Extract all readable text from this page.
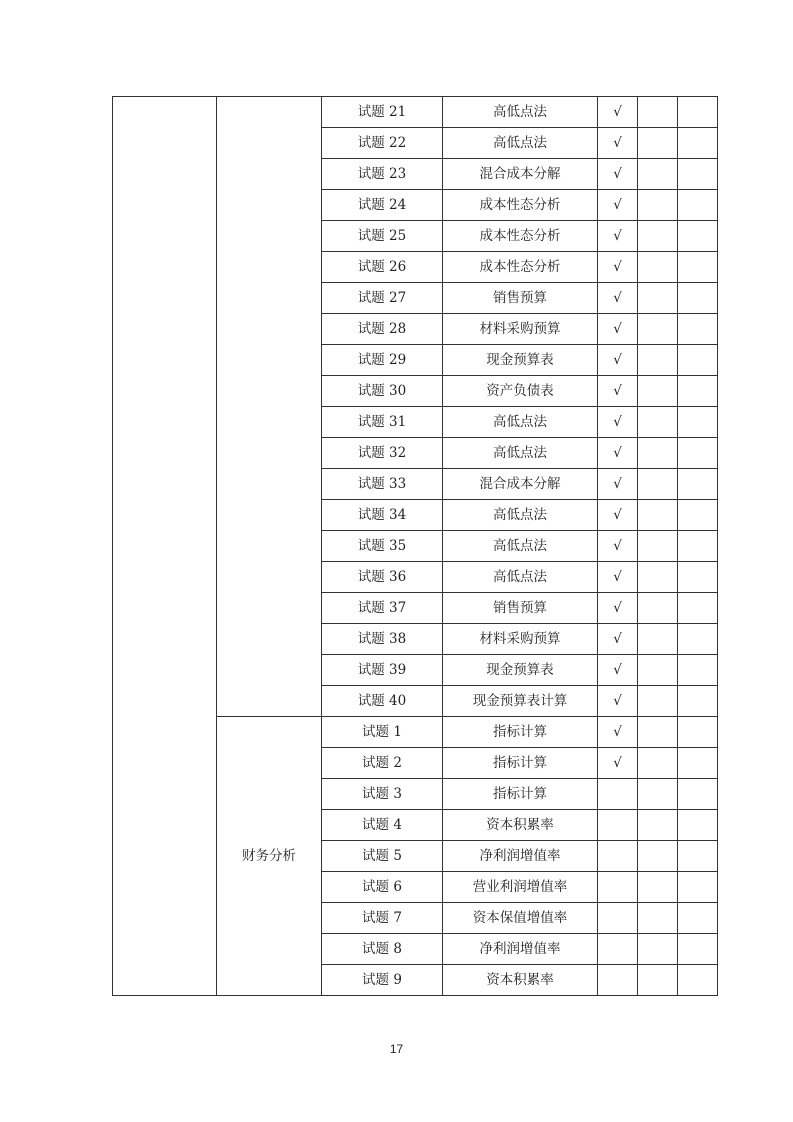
		试题 21	高低点法	√		
		试题 22	高低点法	√		
		试题 23	混合成本分解	√		
		试题 24	成本性态分析	√		
		试题 25	成本性态分析	√		
		试题 26	成本性态分析	√		
		试题 27	销售预算	√		
		试题 28	材料采购预算	√		
		试题 29	现金预算表	√		
		试题 30	资产负债表	√		
		试题 31	高低点法	√		
		试题 32	高低点法	√		
		试题 33	混合成本分解	√		
		试题 34	高低点法	√		
		试题 35	高低点法	√		
		试题 36	高低点法	√		
		试题 37	销售预算	√		
		试题 38	材料采购预算	√		
		试题 39	现金预算表	√		
		试题 40	现金预算表计算	√		
	财务分析	试题 1	指标计算	√		
		试题 2	指标计算	√		
		试题 3	指标计算			
		试题 4	资本积累率			
		试题 5	净利润增值率			
		试题 6	营业利润增值率			
		试题 7	资本保值增值率			
		试题 8	净利润增值率			
		试题 9	资本积累率			
17
